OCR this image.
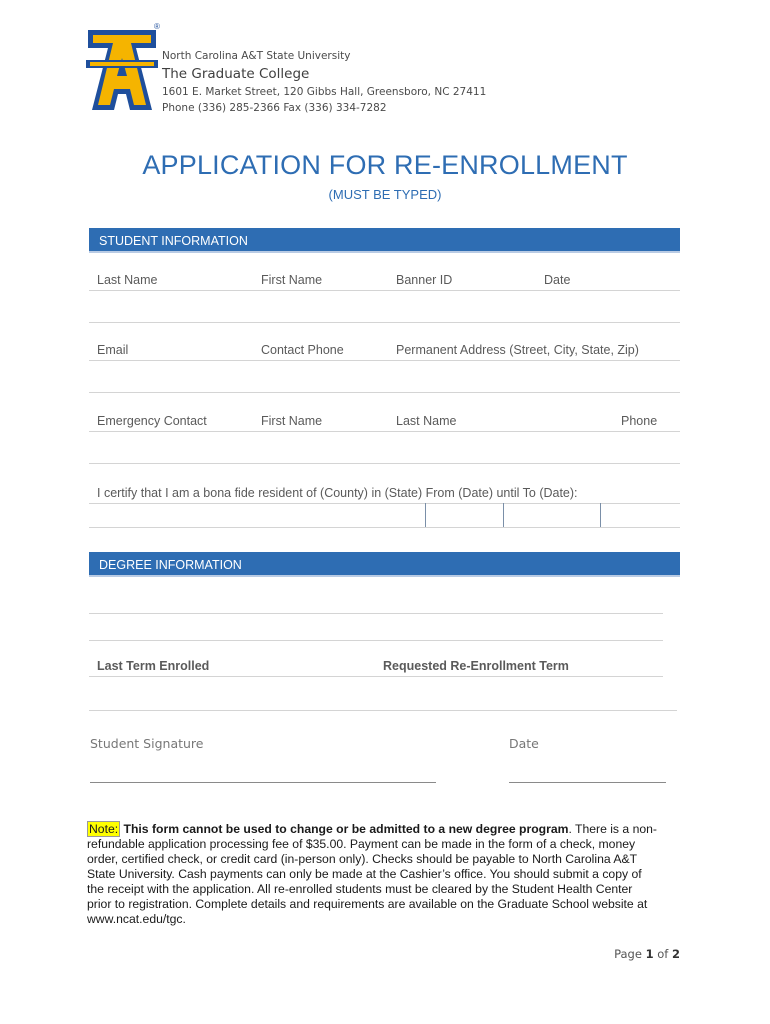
®
AT
North Carolina A&T State University
The Graduate College
1601 E. Market Street, 120 Gibbs Hall, Greensboro, NC 27411
Phone (336) 285-2366 Fax (336) 334-7282
APPLICATION FOR RE-ENROLLMENT
(MUST BE TYPED)
STUDENT INFORMATION
Last Name	First Name	Banner ID	Date
Email	Contact Phone	Permanent Address (Street, City, State, Zip)
Emergency Contact	First Name	Last Name	Phone
I certify that I am a bona fide resident of (County) in (State) From (Date) until To (Date):
DEGREE INFORMATION
Last Term Enrolled	Requested Re-Enrollment Term
Student Signature	Date
Note: This form cannot be used to change or be admitted to a new degree program. There is a non-refundable application processing fee of $35.00. Payment can be made in the form of a check, money order, certified check, or credit card (in-person only). Checks should be payable to North Carolina A&T State University. Cash payments can only be made at the Cashier’s office. You should submit a copy of the receipt with the application. All re-enrolled students must be cleared by the Student Health Center prior to registration. Complete details and requirements are available on the Graduate School website at www.ncat.edu/tgc.
Page 1 of 2
